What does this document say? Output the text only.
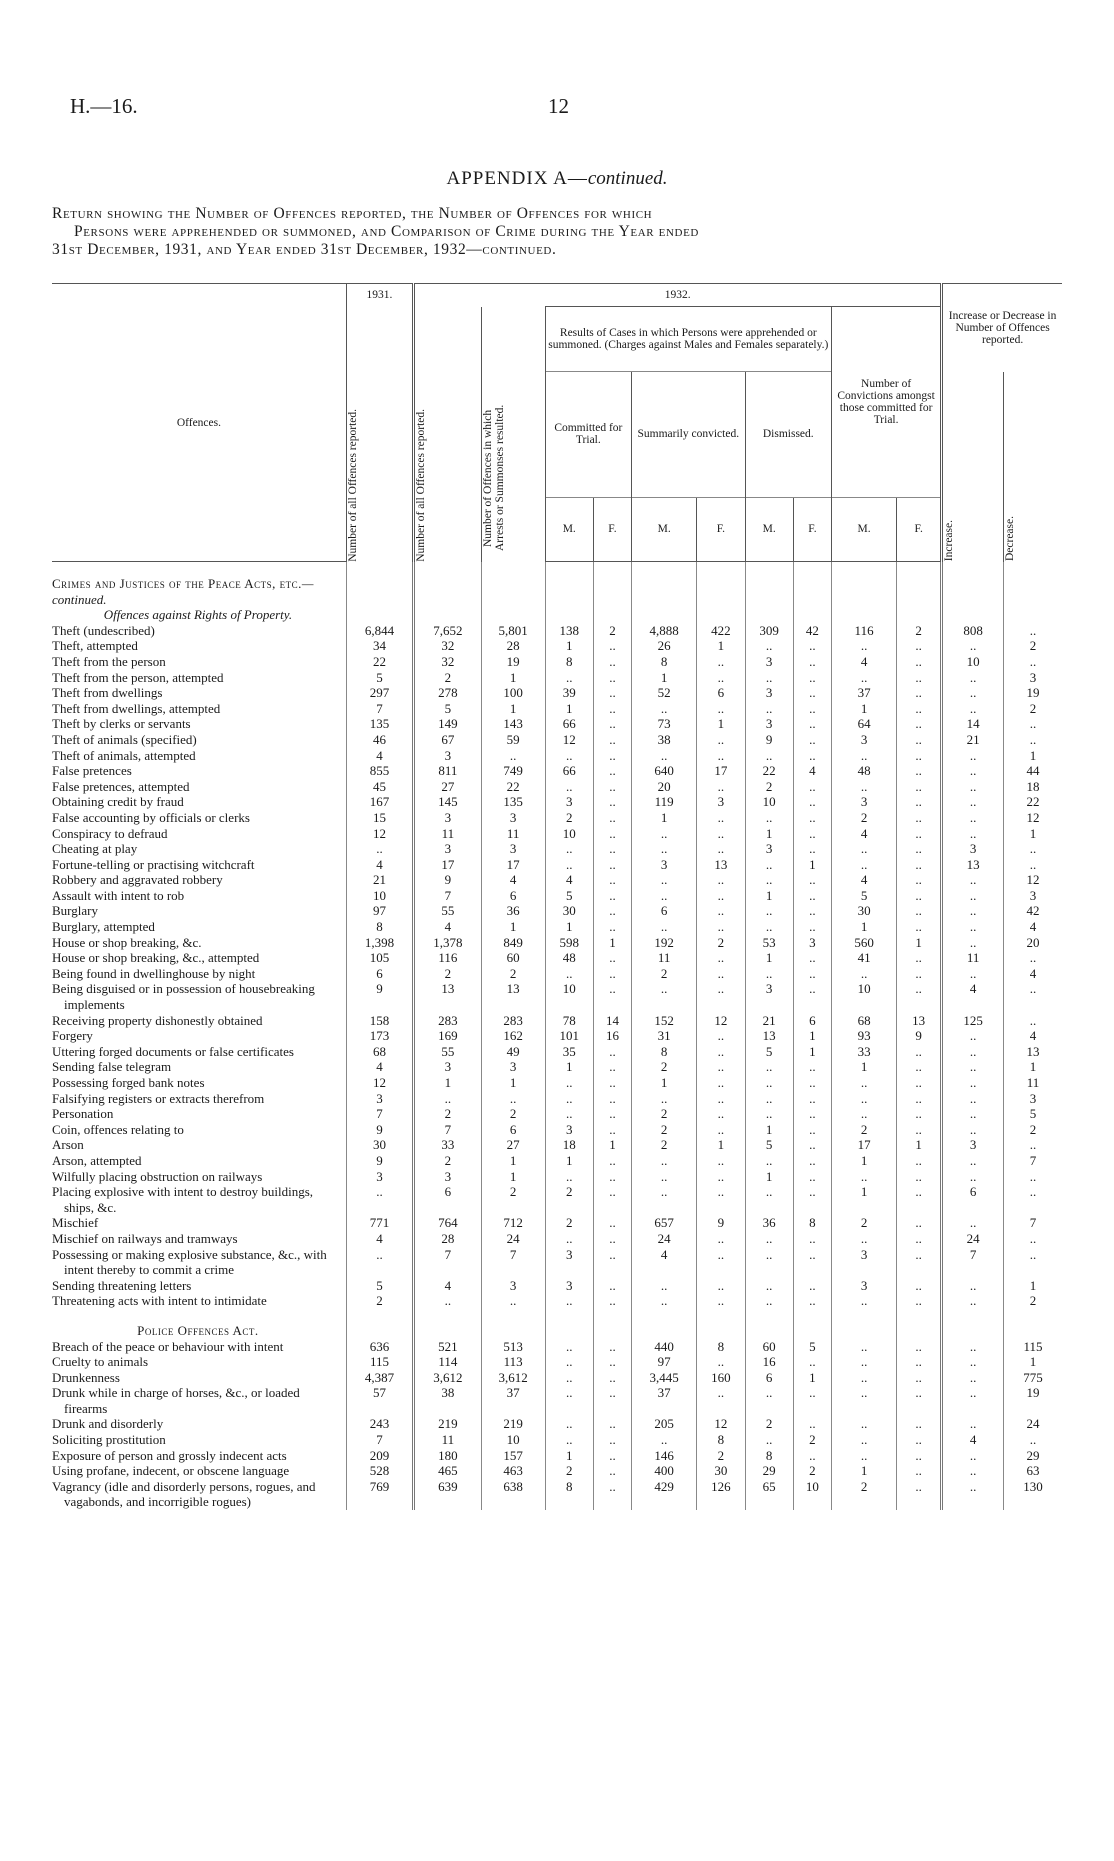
H.—16.	12
APPENDIX A—continued.

Return showing the Number of Offences reported, the Number of Offences for which

Persons were apprehended or summoned, and Comparison of Crime during the Year ended

31st December, 1931, and Year ended 31st December, 1932—continued.

Offences.	1931.	1932.										Increase or Decrease in Number of Offences reported.	

	Number of all Offences reported.	Number of all Offences reported.	Number of Offences in which Arrests or Summonses resulted.	Results of Cases in which Persons were apprehended or summoned. (Charges against Males and Females separately.)						Number of Convictions amongst those committed for Trial.			
				Committed for Trial.		Summarily convicted.		Dismissed.				Increase.	Decrease.

				M.	F.	M.	F.	M.	F.	M.	F.		
Crimes and Justices of the Peace Acts, etc.—continued.
Offences against Rights of Property.													

Theft (undescribed)	6,844	7,652	5,801	138	2	4,888	422	309	42	116	2	808	..

Theft, attempted	34	32	28	1	..	26	1	..	..	..	..	..	2

Theft from the person	22	32	19	8	..	8	..	3	..	4	..	10	..

Theft from the person, attempted	5	2	1	..	..	1	..	..	..	..	..	..	3

Theft from dwellings	297	278	100	39	..	52	6	3	..	37	..	..	19

Theft from dwellings, attempted	7	5	1	1	..	..	..	..	..	1	..	..	2

Theft by clerks or servants	135	149	143	66	..	73	1	3	..	64	..	14	..

Theft of animals (specified)	46	67	59	12	..	38	..	9	..	3	..	21	..

Theft of animals, attempted	4	3	..	..	..	..	..	..	..	..	..	..	1

False pretences	855	811	749	66	..	640	17	22	4	48	..	..	44

False pretences, attempted	45	27	22	..	..	20	..	2	..	..	..	..	18

Obtaining credit by fraud	167	145	135	3	..	119	3	10	..	3	..	..	22

False accounting by officials or clerks	15	3	3	2	..	1	..	..	..	2	..	..	12

Conspiracy to defraud	12	11	11	10	..	..	..	1	..	4	..	..	1

Cheating at play	..	3	3	..	..	..	..	3	..	..	..	3	..

Fortune-telling or practising witchcraft	4	17	17	..	..	3	13	..	1	..	..	13	..

Robbery and aggravated robbery	21	9	4	4	..	..	..	..	..	4	..	..	12

Assault with intent to rob	10	7	6	5	..	..	..	1	..	5	..	..	3

Burglary	97	55	36	30	..	6	..	..	..	30	..	..	42

Burglary, attempted	8	4	1	1	..	..	..	..	..	1	..	..	4

House or shop breaking, &c.	1,398	1,378	849	598	1	192	2	53	3	560	1	..	20

House or shop breaking, &c., attempted	105	116	60	48	..	11	..	1	..	41	..	11	..

Being found in dwellinghouse by night	6	2	2	..	..	2	..	..	..	..	..	..	4

Being disguised or in possession of housebreaking implements	9	13	13	10	..	..	..	3	..	10	..	4	..

Receiving property dishonestly obtained	158	283	283	78	14	152	12	21	6	68	13	125	..

Forgery	173	169	162	101	16	31	..	13	1	93	9	..	4

Uttering forged documents or false certificates	68	55	49	35	..	8	..	5	1	33	..	..	13

Sending false telegram	4	3	3	1	..	2	..	..	..	1	..	..	1

Possessing forged bank notes	12	1	1	..	..	1	..	..	..	..	..	..	11

Falsifying registers or extracts therefrom	3	..	..	..	..	..	..	..	..	..	..	..	3

Personation	7	2	2	..	..	2	..	..	..	..	..	..	5

Coin, offences relating to	9	7	6	3	..	2	..	1	..	2	..	..	2

Arson	30	33	27	18	1	2	1	5	..	17	1	3	..

Arson, attempted	9	2	1	1	..	..	..	..	..	1	..	..	7

Wilfully placing obstruction on railways	3	3	1	..	..	..	..	1	..	..	..	..	..

Placing explosive with intent to destroy buildings, ships, &c.	..	6	2	2	..	..	..	..	..	1	..	6	..

Mischief	771	764	712	2	..	657	9	36	8	2	..	..	7

Mischief on railways and tramways	4	28	24	..	..	24	..	..	..	..	..	24	..

Possessing or making explosive substance, &c., with intent thereby to commit a crime	..	7	7	3	..	4	..	..	..	3	..	7	..

Sending threatening letters	5	4	3	3	..	..	..	..	..	3	..	..	1

Threatening acts with intent to intimidate	2	..	..	..	..	..	..	..	..	..	..	..	2

Police Offences Act.													

Breach of the peace or behaviour with intent	636	521	513	..	..	440	8	60	5	..	..	..	115

Cruelty to animals	115	114	113	..	..	97	..	16	..	..	..	..	1

Drunkenness	4,387	3,612	3,612	..	..	3,445	160	6	1	..	..	..	775

Drunk while in charge of horses, &c., or loaded firearms	57	38	37	..	..	37	..	..	..	..	..	..	19

Drunk and disorderly	243	219	219	..	..	205	12	2	..	..	..	..	24

Soliciting prostitution	7	11	10	..	..	..	8	..	2	..	..	4	..

Exposure of person and grossly indecent acts	209	180	157	1	..	146	2	8	..	..	..	..	29

Using profane, indecent, or obscene language	528	465	463	2	..	400	30	29	2	1	..	..	63

Vagrancy (idle and disorderly persons, rogues, and vagabonds, and incorrigible rogues)	769	639	638	8	..	429	126	65	10	2	..	..	130
